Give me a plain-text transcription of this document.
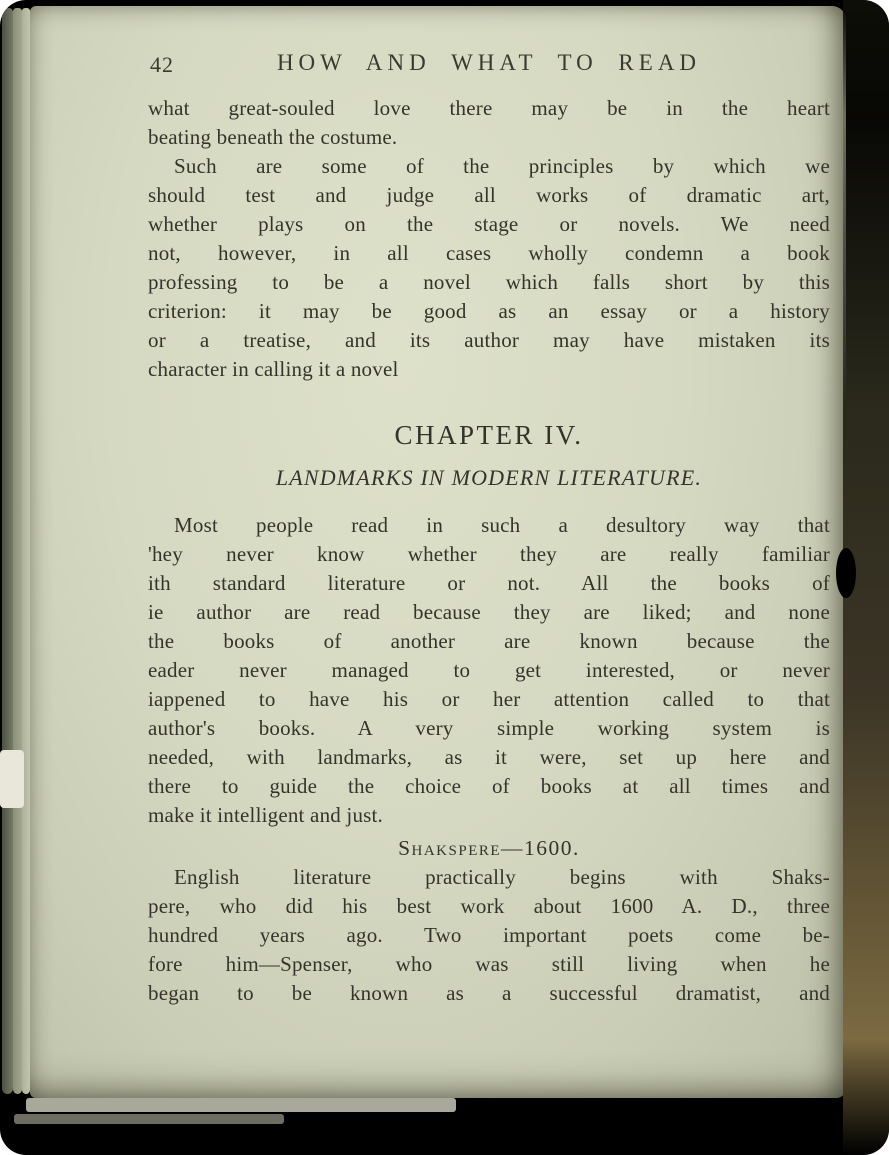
42	HOW AND WHAT TO READ
what great-souled love there may be in the heart
beating beneath the costume.
Such are some of the principles by which we
should test and judge all works of dramatic art,
whether plays on the stage or novels. We need
not, however, in all cases wholly condemn a book
professing to be a novel which falls short by this
criterion: it may be good as an essay or a history
or a treatise, and its author may have mistaken its
character in calling it a novel
CHAPTER IV.
LANDMARKS IN MODERN LITERATURE.
Most people read in such a desultory way that
'hey never know whether they are really familiar
ith standard literature or not. All the books of
ie author are read because they are liked; and none
the books of another are known because the
eader never managed to get interested, or never
iappened to have his or her attention called to that
author's books. A very simple working system is
needed, with landmarks, as it were, set up here and
there to guide the choice of books at all times and
make it intelligent and just.
Shakspere—1600.
English literature practically begins with Shaks-
pere, who did his best work about 1600 A. D., three
hundred years ago. Two important poets come be-
fore him—Spenser, who was still living when he
began to be known as a successful dramatist, and
